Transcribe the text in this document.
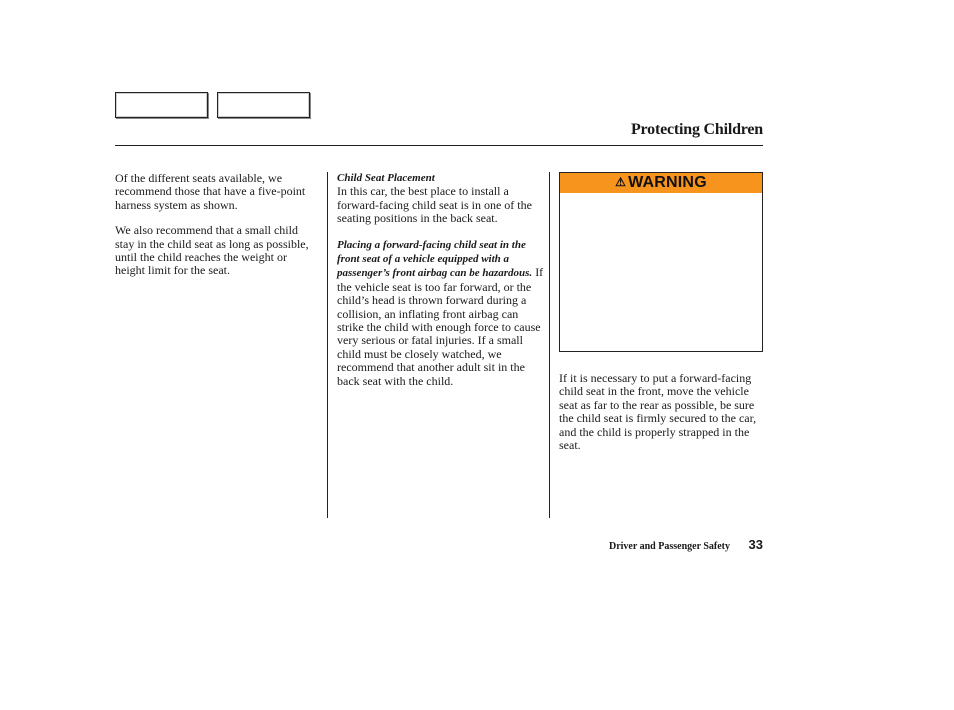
Protecting Children

Of the different seats available, we recommend those that have a five-point harness system as shown.

We also recommend that a small child stay in the child seat as long as possible, until the child reaches the weight or height limit for the seat.

Child Seat Placement

In this car, the best place to install a forward-facing child seat is in one of the seating positions in the back seat.

Placing a forward-facing child seat in the front seat of a vehicle equipped with a passenger’s front airbag can be hazardous. If the vehicle seat is too far forward, or the child’s head is thrown forward during a collision, an inflating front airbag can strike the child with enough force to cause very serious or fatal injuries. If a small child must be closely watched, we recommend that another adult sit in the back seat with the child.

⚠ WARNING

If it is necessary to put a forward-facing child seat in the front, move the vehicle seat as far to the rear as possible, be sure the child seat is firmly secured to the car, and the child is properly strapped in the seat.

Driver and Passenger Safety 33
